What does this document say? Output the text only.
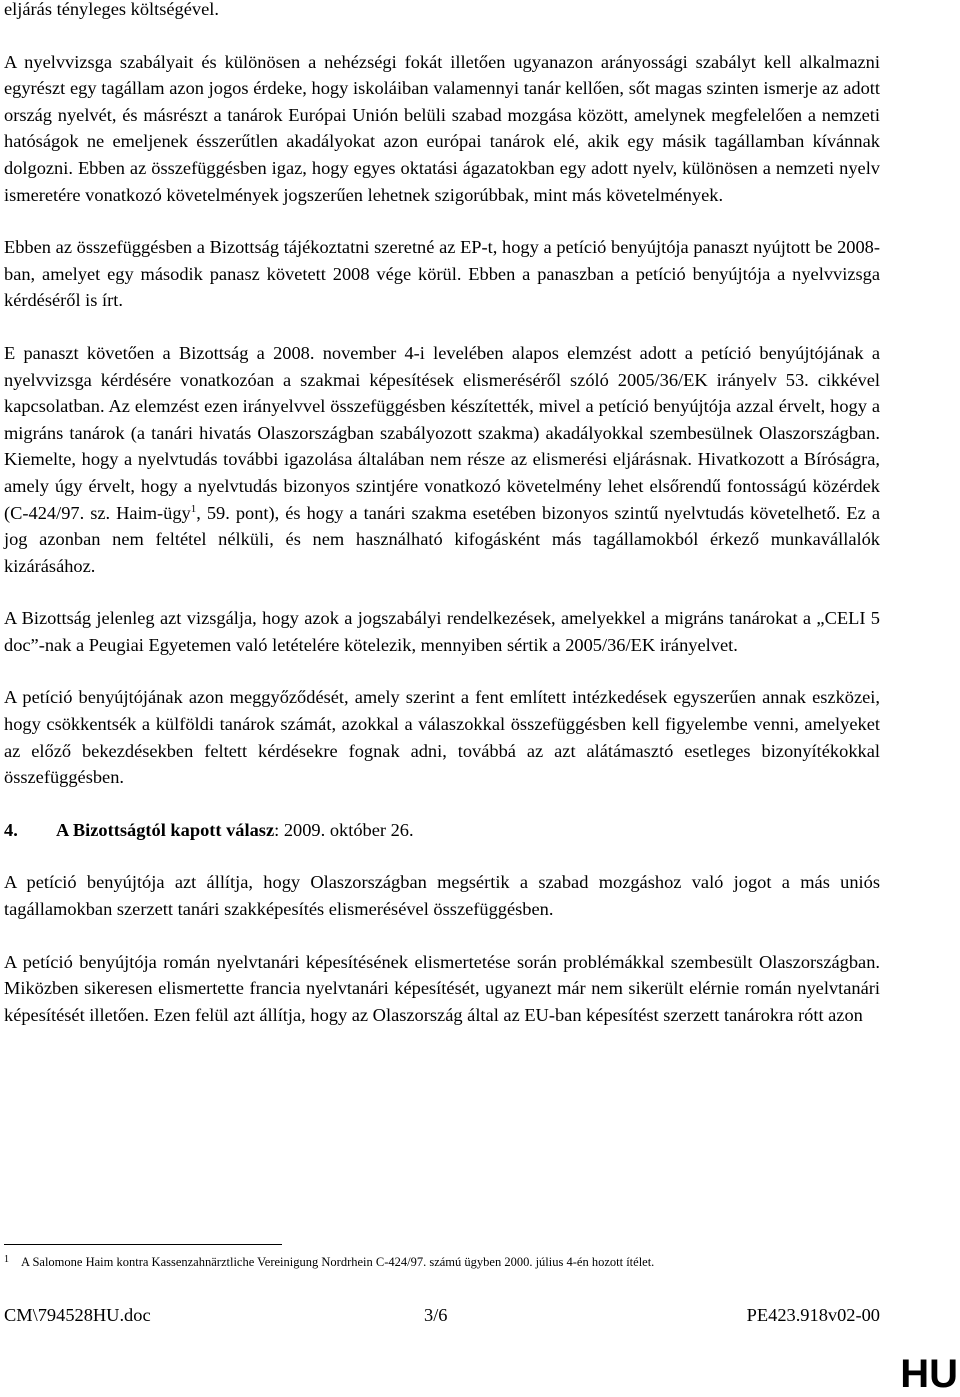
eljárás tényleges költségével.

A nyelvvizsga szabályait és különösen a nehézségi fokát illetően ugyanazon arányossági szabályt kell alkalmazni egyrészt egy tagállam azon jogos érdeke, hogy iskoláiban valamennyi tanár kellően, sőt magas szinten ismerje az adott ország nyelvét, és másrészt a tanárok Európai Unión belüli szabad mozgása között, amelynek megfelelően a nemzeti hatóságok ne emeljenek ésszerűtlen akadályokat azon európai tanárok elé, akik egy másik tagállamban kívánnak dolgozni. Ebben az összefüggésben igaz, hogy egyes oktatási ágazatokban egy adott nyelv, különösen a nemzeti nyelv ismeretére vonatkozó követelmények jogszerűen lehetnek szigorúbbak, mint más követelmények.

Ebben az összefüggésben a Bizottság tájékoztatni szeretné az EP-t, hogy a petíció benyújtója panaszt nyújtott be 2008-ban, amelyet egy második panasz követett 2008 vége körül. Ebben a panaszban a petíció benyújtója a nyelvvizsga kérdéséről is írt.

E panaszt követően a Bizottság a 2008. november 4-i levelében alapos elemzést adott a petíció benyújtójának a nyelvvizsga kérdésére vonatkozóan a szakmai képesítések elismeréséről szóló 2005/36/EK irányelv 53. cikkével kapcsolatban. Az elemzést ezen irányelvvel összefüggésben készítették, mivel a petíció benyújtója azzal érvelt, hogy a migráns tanárok (a tanári hivatás Olaszországban szabályozott szakma) akadályokkal szembesülnek Olaszországban. Kiemelte, hogy a nyelvtudás további igazolása általában nem része az elismerési eljárásnak. Hivatkozott a Bíróságra, amely úgy érvelt, hogy a nyelvtudás bizonyos szintjére vonatkozó követelmény lehet elsőrendű fontosságú közérdek (C-424/97. sz. Haim-ügy$^1$, 59. pont), és hogy a tanári szakma esetében bizonyos szintű nyelvtudás követelhető. Ez a jog azonban nem feltétel nélküli, és nem használható kifogásként más tagállamokból érkező munkavállalók kizárásához.

A Bizottság jelenleg azt vizsgálja, hogy azok a jogszabályi rendelkezések, amelyekkel a migráns tanárokat a „CELI 5 doc”-nak a Peugiai Egyetemen való letételére kötelezik, mennyiben sértik a 2005/36/EK irányelvet.

A petíció benyújtójának azon meggyőződését, amely szerint a fent említett intézkedések egyszerűen annak eszközei, hogy csökkentsék a külföldi tanárok számát, azokkal a válaszokkal összefüggésben kell figyelembe venni, amelyeket az előző bekezdésekben feltett kérdésekre fognak adni, továbbá az azt alátámasztó esetleges bizonyítékokkal összefüggésben.

4. A Bizottságtól kapott válasz: 2009. október 26.

A petíció benyújtója azt állítja, hogy Olaszországban megsértik a szabad mozgáshoz való jogot a más uniós tagállamokban szerzett tanári szakképesítés elismerésével összefüggésben.

A petíció benyújtója román nyelvtanári képesítésének elismertetése során problémákkal szembesült Olaszországban. Miközben sikeresen elismertette francia nyelvtanári képesítését, ugyanezt már nem sikerült elérnie román nyelvtanári képesítését illetően. Ezen felül azt állítja, hogy az Olaszország által az EU-ban képesítést szerzett tanárokra rótt azon

$^1$ A Salomone Haim kontra Kassenzahnärztliche Vereinigung Nordrhein C-424/97. számú ügyben 2000. július 4-én hozott ítélet.
CM\794528HU.doc	3/6	PE423.918v02-00
HU
